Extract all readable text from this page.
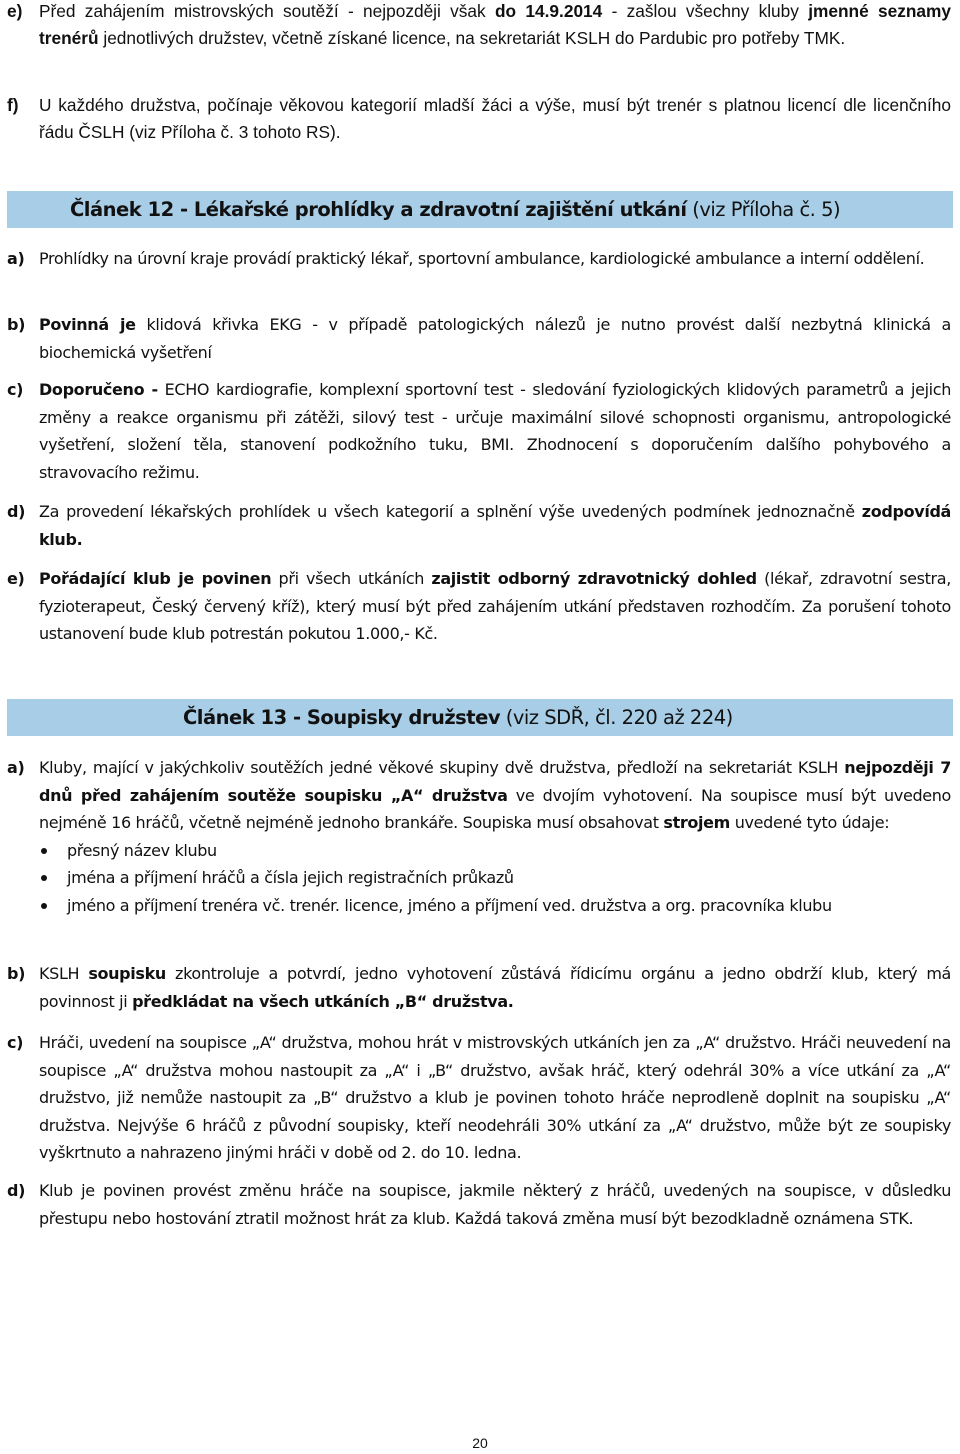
e) Před zahájením mistrovských soutěží - nejpozději však do 14.9.2014 - zašlou všechny kluby jmenné seznamy trenérů jednotlivých družstev, včetně získané licence, na sekretariát KSLH do Pardubic pro potřeby TMK.

f) U každého družstva, počínaje věkovou kategorií mladší žáci a výše, musí být trenér s platnou licencí dle licenčního řádu ČSLH (viz Příloha č. 3 tohoto RS).

Článek 12 - Lékařské prohlídky a zdravotní zajištění utkání (viz Příloha č. 5)
a) Prohlídky na úrovní kraje provádí praktický lékař, sportovní ambulance, kardiologické ambulance a interní oddělení.

b) Povinná je klidová křivka EKG - v případě patologických nálezů je nutno provést další nezbytná klinická a biochemická vyšetření

c) Doporučeno - ECHO kardiografie, komplexní sportovní test - sledování fyziologických klidových parametrů a jejich změny a reakce organismu při zátěži, silový test - určuje maximální silové schopnosti organismu, antropologické vyšetření, složení těla, stanovení podkožního tuku, BMI. Zhodnocení s doporučením dalšího pohybového a stravovacího režimu.

d) Za provedení lékařských prohlídek u všech kategorií a splnění výše uvedených podmínek jednoznačně zodpovídá klub.

e) Pořádající klub je povinen při všech utkáních zajistit odborný zdravotnický dohled (lékař, zdravotní sestra, fyzioterapeut, Český červený kříž), který musí být před zahájením utkání představen rozhodčím. Za porušení tohoto ustanovení bude klub potrestán pokutou 1.000,- Kč.

Článek 13 - Soupisky družstev (viz SDŘ, čl. 220 až 224)
a) Kluby, mající v jakýchkoliv soutěžích jedné věkové skupiny dvě družstva, předloží na sekretariát KSLH nejpozději 7 dnů před zahájením soutěže soupisku „A“ družstva ve dvojím vyhotovení. Na soupisce musí být uvedeno nejméně 16 hráčů, včetně nejméně jednoho brankáře. Soupiska musí obsahovat strojem uvedené tyto údaje:
přesný název klubu
jména a příjmení hráčů a čísla jejich registračních průkazů
jméno a příjmení trenéra vč. trenér. licence, jméno a příjmení ved. družstva a org. pracovníka klubu
b) KSLH soupisku zkontroluje a potvrdí, jedno vyhotovení zůstává řídicímu orgánu a jedno obdrží klub, který má povinnost ji předkládat na všech utkáních „B“ družstva.

c) Hráči, uvedení na soupisce „A“ družstva, mohou hrát v mistrovských utkáních jen za „A“ družstvo. Hráči neuvedení na soupisce „A“ družstva mohou nastoupit za „A“ i „B“ družstvo, avšak hráč, který odehrál 30% a více utkání za „A“ družstvo, již nemůže nastoupit za „B“ družstvo a klub je povinen tohoto hráče neprodleně doplnit na soupisku „A“ družstva. Nejvýše 6 hráčů z původní soupisky, kteří neodehráli 30% utkání za „A“ družstvo, může být ze soupisky vyškrtnuto a nahrazeno jinými hráči v době od 2. do 10. ledna.

d) Klub je povinen provést změnu hráče na soupisce, jakmile některý z hráčů, uvedených na soupisce, v důsledku přestupu nebo hostování ztratil možnost hrát za klub. Každá taková změna musí být bezodkladně oznámena STK.

20
